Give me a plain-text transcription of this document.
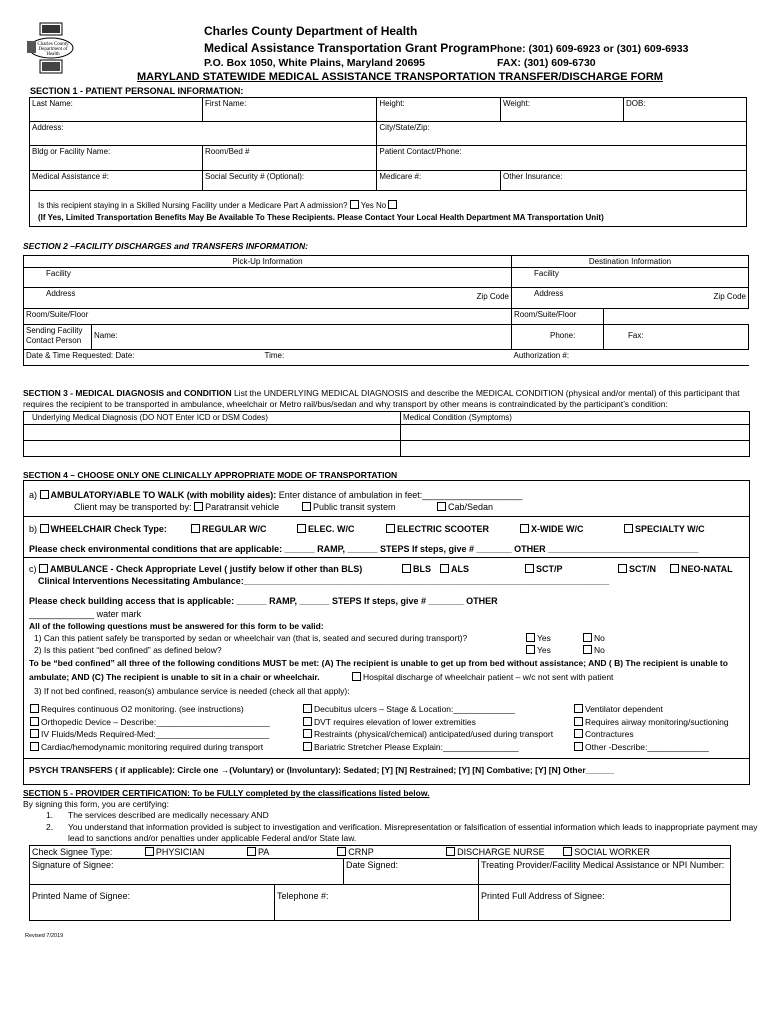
Charles County
Department of
Health
Charles County Department of Health
Medical Assistance Transportation Grant Program Phone: (301) 609-6923 or (301) 609-6933
P.O. Box 1050, White Plains, Maryland 20695	FAX: (301) 609-6730
MARYLAND STATEWIDE MEDICAL ASSISTANCE TRANSPORTATION TRANSFER/DISCHARGE FORM
SECTION 1 - PATIENT PERSONAL INFORMATION:
Last Name:	First Name:	Height:	Weight:	DOB:
Address:		City/State/Zip:		
Bldg or Facility Name:	Room/Bed #	Patient Contact/Phone:		
Medical Assistance #:	Social Security # (Optional):	Medicare #:	Other Insurance:	

Is this recipient staying in a Skilled Nursing Facility under a Medicare Part A admission? Yes No
(If Yes, Limited Transportation Benefits May Be Available To These Recipients. Please Contact Your Local Health Department MA Transportation Unit)				
SECTION 2 –FACILITY DISCHARGES and TRANSFERS INFORMATION:
Pick-Up Information		Destination Information	
Facility		Facility	
Address Zip Code		Address Zip Code	

Room/Suite/Floor		Room/Suite/Floor	
Sending Facility Contact Person	Name:	Phone:	Fax:
Date & Time Requested: Date: Time:		Authorization #:	
SECTION 3 - MEDICAL DIAGNOSIS and CONDITION List the UNDERLYING MEDICAL DIAGNOSIS and describe the MEDICAL CONDITION (physical and/or mental) of this participant that requires the recipient to be transported in ambulance, wheelchair or Metro rail/bus/sedan and why transport by other means is contraindicated by the participant’s condition:
Underlying Medical Diagnosis (DO NOT Enter ICD or DSM Codes)	Medical Condition (Symptoms)

SECTION 4 – CHOOSE ONLY ONE CLINICALLY APPROPRIATE MODE OF TRANSPORTATION
a) AMBULATORY/ABLE TO WALK (with mobility aides): Enter distance of ambulation in feet:____________________
Client may be transported by: Paratransit vehicle	Public transit system	Cab/Sedan
b) WHEELCHAIR Check Type:	REGULAR W/C	ELEC. W/C	ELECTRIC SCOOTER	X-WIDE W/C	SPECIALTY W/C
Please check environmental conditions that are applicable: ______ RAMP, ______ STEPS If steps, give # _______ OTHER ______________________________
c) AMBULANCE - Check Appropriate Level ( justify below if other than BLS)	BLS	ALS	SCT/P	SCT/N	NEO-NATAL
Clinical Interventions Necessitating Ambulance:_________________________________________________________________________
Please check building access that is applicable: ______ RAMP, ______ STEPS If steps, give # _______ OTHER
_____________ water mark
All of the following questions must be answered for this form to be valid:
1) Can this patient safely be transported by sedan or wheelchair van (that is, seated and secured during transport)?	Yes	No
2) Is this patient “bed confined” as defined below?	Yes	No
To be “bed confined” all three of the following conditions MUST be met: (A) The recipient is unable to get up from bed without assistance; AND ( B) The recipient is unable to
ambulate; AND (C) The recipient is unable to sit in a chair or wheelchair.	Hospital discharge of wheelchair patient – w/c not sent with patient
3) If not bed confined, reason(s) ambulance service is needed (check all that apply):
Requires continuous O2 monitoring. (see instructions)
Orthopedic Device – Describe:________________________
IV Fluids/Meds Required-Med:________________________
Cardiac/hemodynamic monitoring required during transport
Decubitus ulcers – Stage & Location:_____________
DVT requires elevation of lower extremities
Restraints (physical/chemical) anticipated/used during transport
Bariatric Stretcher Please Explain:________________
Ventilator dependent
Requires airway monitoring/suctioning
Contractures
Other -Describe:_____________
PSYCH TRANSFERS ( if applicable): Circle one →(Voluntary) or (Involuntary): Sedated; [Y] [N] Restrained; [Y] [N] Combative; [Y] [N] Other______
SECTION 5 - PROVIDER CERTIFICATION: To be FULLY completed by the classifications listed below.
By signing this form, you are certifying:
1. The services described are medically necessary AND
2. You understand that information provided is subject to investigation and verification. Misrepresentation or falsification of essential information which leads to inappropriate payment may
lead to sanctions and/or penalties under applicable Federal and/or State law.
Check Signee Type: PHYSICIAN PA CRNP DISCHARGE NURSE SOCIAL WORKER			
Signature of Signee:		Date Signed:	Treating Provider/Facility Medical Assistance or NPI Number:
Printed Name of Signee:	Telephone #:		Printed Full Address of Signee:
Revised 7/2019
